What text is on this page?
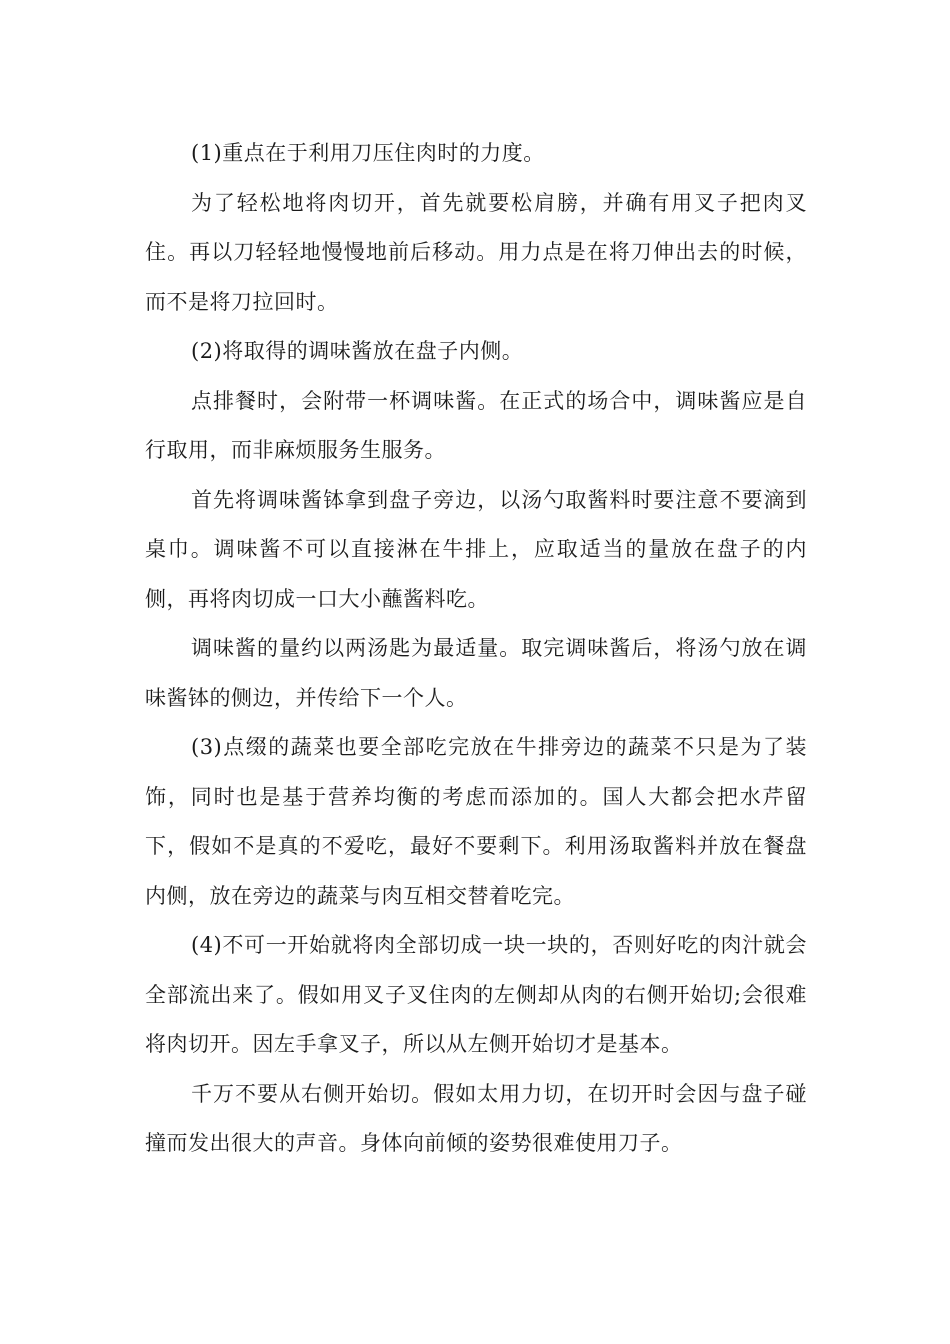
(1)重点在于利用刀压住肉时的力度。

为了轻松地将肉切开，首先就要松肩膀，并确有用叉子把肉叉住。再以刀轻轻地慢慢地前后移动。用力点是在将刀伸出去的时候，而不是将刀拉回时。

(2)将取得的调味酱放在盘子内侧。

点排餐时，会附带一杯调味酱。在正式的场合中，调味酱应是自行取用，而非麻烦服务生服务。

首先将调味酱钵拿到盘子旁边，以汤勺取酱料时要注意不要滴到桌巾。调味酱不可以直接淋在牛排上，应取适当的量放在盘子的内侧，再将肉切成一口大小蘸酱料吃。

调味酱的量约以两汤匙为最适量。取完调味酱后，将汤勺放在调味酱钵的侧边，并传给下一个人。

(3)点缀的蔬菜也要全部吃完放在牛排旁边的蔬菜不只是为了装饰，同时也是基于营养均衡的考虑而添加的。国人大都会把水芹留下，假如不是真的不爱吃，最好不要剩下。利用汤取酱料并放在餐盘内侧，放在旁边的蔬菜与肉互相交替着吃完。

(4)不可一开始就将肉全部切成一块一块的，否则好吃的肉汁就会全部流出来了。假如用叉子叉住肉的左侧却从肉的右侧开始切;会很难将肉切开。因左手拿叉子，所以从左侧开始切才是基本。

千万不要从右侧开始切。假如太用力切，在切开时会因与盘子碰撞而发出很大的声音。身体向前倾的姿势很难使用刀子。
